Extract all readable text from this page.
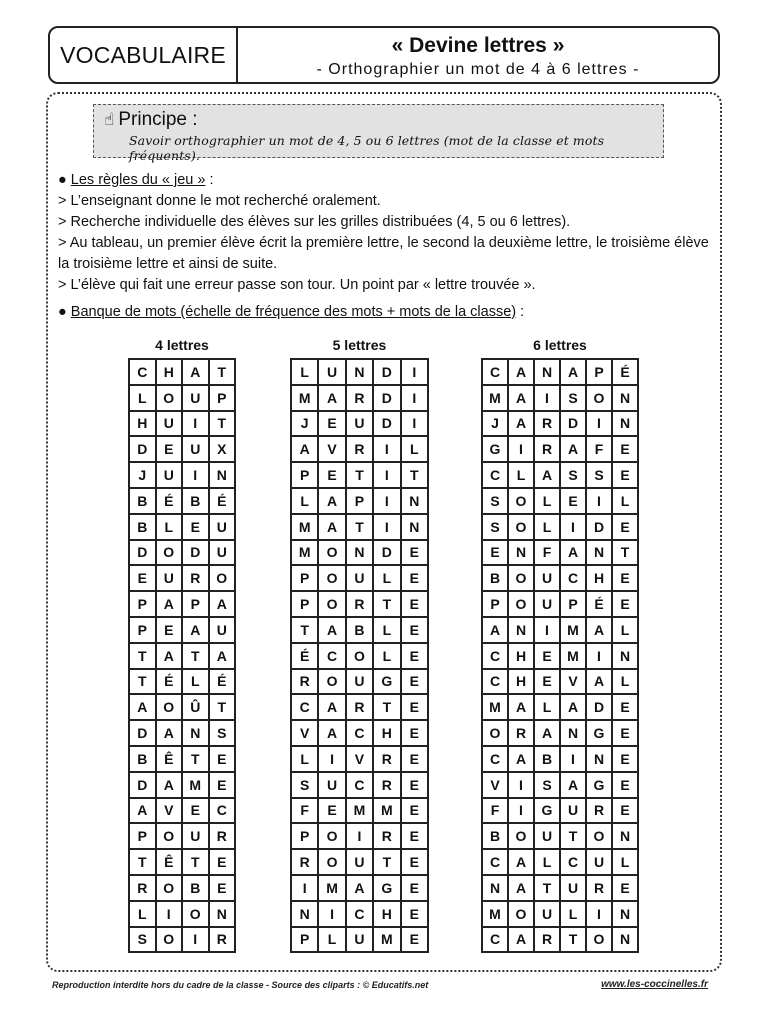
VOCABULAIRE	« Devine lettres »
- Orthographier un mot de 4 à 6 lettres -
☝ Principe :
Savoir orthographier un mot de 4, 5 ou 6 lettres (mot de la classe et mots fréquents).

● Les règles du « jeu » :

> L’enseignant donne le mot recherché oralement.

> Recherche individuelle des élèves sur les grilles distribuées (4, 5 ou 6 lettres).

> Au tableau, un premier élève écrit la première lettre, le second la deuxième lettre, le troisième élève la troisième lettre et ainsi de suite.

> L’élève qui fait une erreur passe son tour. Un point par « lettre trouvée ».

● Banque de mots (échelle de fréquence des mots + mots de la classe) :
4 lettres
C	H	A	T
L	O	U	P
H	U	I	T
D	E	U	X
J	U	I	N
B	É	B	É
B	L	E	U
D	O	D	U
E	U	R	O
P	A	P	A
P	E	A	U
T	A	T	A
T	É	L	É
A	O	Û	T
D	A	N	S
B	Ê	T	E
D	A	M	E
A	V	E	C
P	O	U	R
T	Ê	T	E
R	O	B	E
L	I	O	N
S	O	I	R
5 lettres
L	U	N	D	I
M	A	R	D	I
J	E	U	D	I
A	V	R	I	L
P	E	T	I	T
L	A	P	I	N
M	A	T	I	N
M	O	N	D	E
P	O	U	L	E
P	O	R	T	E
T	A	B	L	E
É	C	O	L	E
R	O	U	G	E
C	A	R	T	E
V	A	C	H	E
L	I	V	R	E
S	U	C	R	E
F	E	M	M	E
P	O	I	R	E
R	O	U	T	E
I	M	A	G	E
N	I	C	H	E
P	L	U	M	E
6 lettres
C	A	N	A	P	É
M	A	I	S	O	N
J	A	R	D	I	N
G	I	R	A	F	E
C	L	A	S	S	E
S	O	L	E	I	L
S	O	L	I	D	E
E	N	F	A	N	T
B	O	U	C	H	E
P	O	U	P	É	E
A	N	I	M	A	L
C	H	E	M	I	N
C	H	E	V	A	L
M	A	L	A	D	E
O	R	A	N	G	E
C	A	B	I	N	E
V	I	S	A	G	E
F	I	G	U	R	E
B	O	U	T	O	N
C	A	L	C	U	L
N	A	T	U	R	E
M	O	U	L	I	N
C	A	R	T	O	N
Reproduction interdite hors du cadre de la classe - Source des cliparts : © Educatifs.net	www.les-coccinelles.fr
